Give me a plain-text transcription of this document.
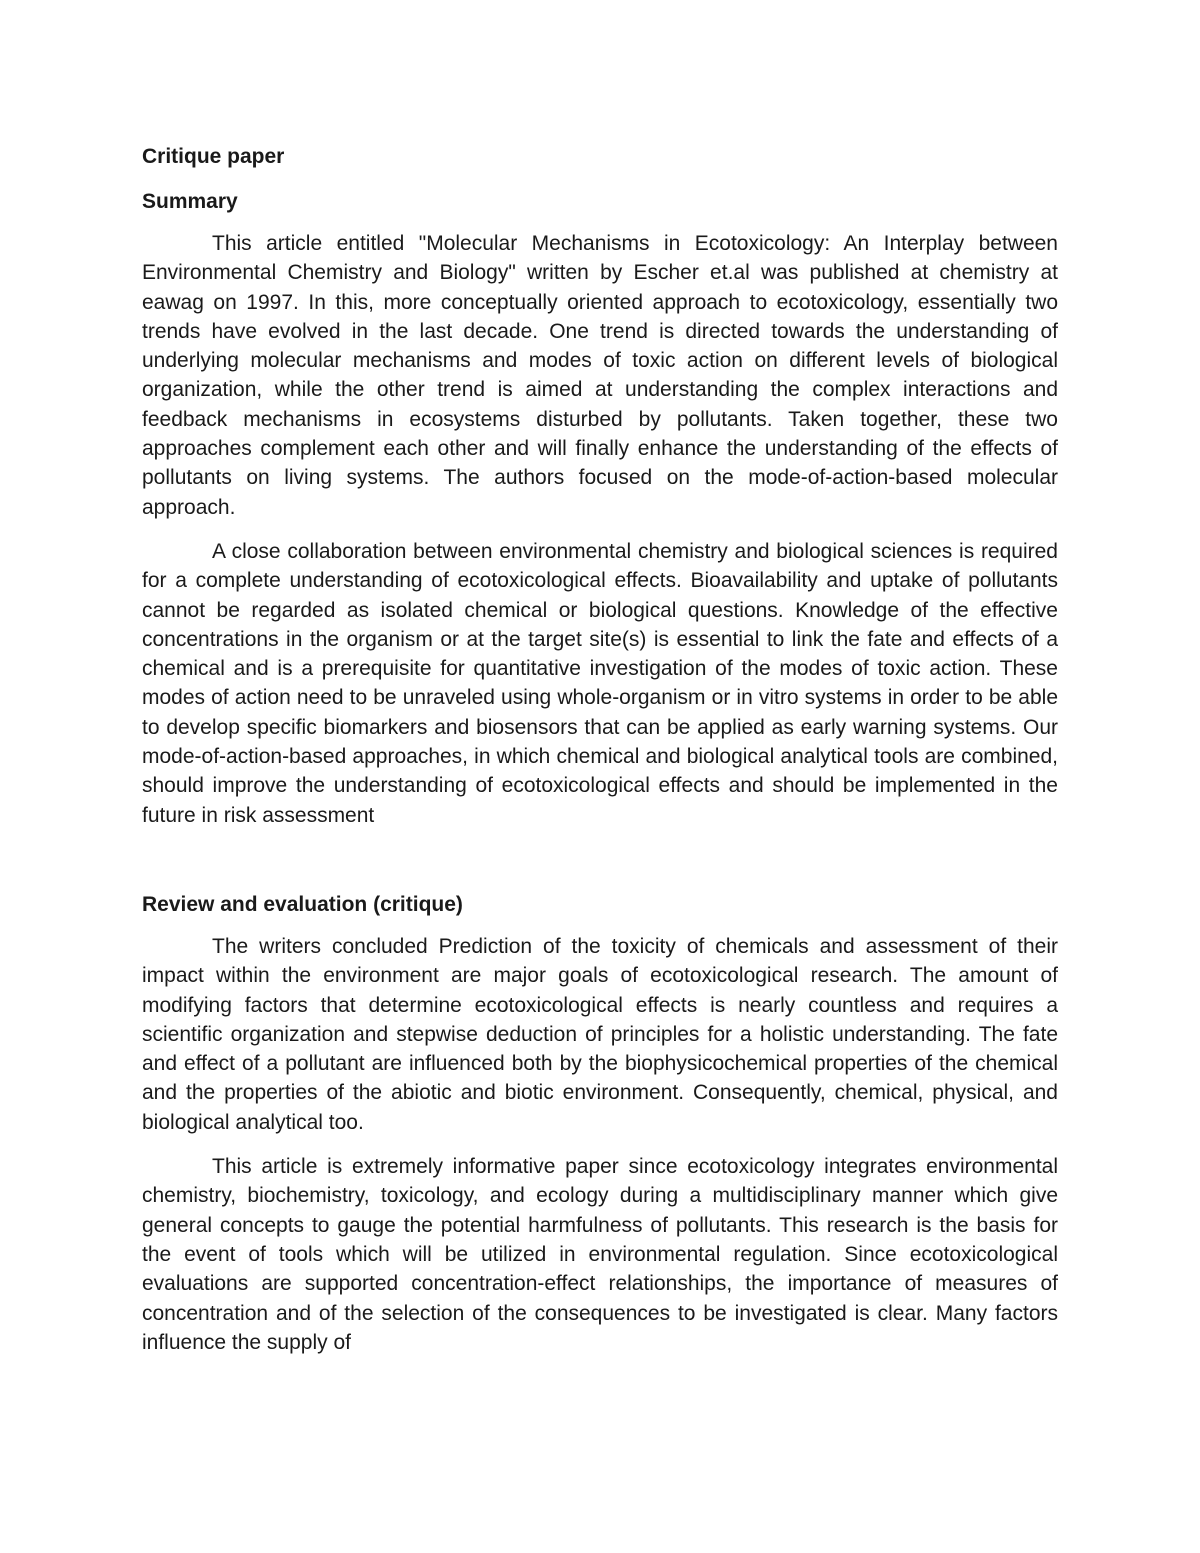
Critique paper
Summary

This article entitled "Molecular Mechanisms in Ecotoxicology: An Interplay between Environmental Chemistry and Biology" written by Escher et.al was published at chemistry at eawag on 1997. In this, more conceptually oriented approach to ecotoxicology, essentially two trends have evolved in the last decade. One trend is directed towards the understanding of underlying molecular mechanisms and modes of toxic action on different levels of biological organization, while the other trend is aimed at understanding the complex interactions and feedback mechanisms in ecosystems disturbed by pollutants. Taken together, these two approaches complement each other and will finally enhance the understanding of the effects of pollutants on living systems. The authors focused on the mode-of-action-based molecular approach.

A close collaboration between environmental chemistry and biological sciences is required for a complete understanding of ecotoxicological effects. Bioavailability and uptake of pollutants cannot be regarded as isolated chemical or biological questions. Knowledge of the effective concentrations in the organism or at the target site(s) is essential to link the fate and effects of a chemical and is a prerequisite for quantitative investigation of the modes of toxic action. These modes of action need to be unraveled using whole-organism or in vitro systems in order to be able to develop specific biomarkers and biosensors that can be applied as early warning systems. Our mode-of-action-based approaches, in which chemical and biological analytical tools are combined, should improve the understanding of ecotoxicological effects and should be implemented in the future in risk assessment

Review and evaluation (critique)

The writers concluded Prediction of the toxicity of chemicals and assessment of their impact within the environment are major goals of ecotoxicological research. The amount of modifying factors that determine ecotoxicological effects is nearly countless and requires a scientific organization and stepwise deduction of principles for a holistic understanding. The fate and effect of a pollutant are influenced both by the biophysicochemical properties of the chemical and the properties of the abiotic and biotic environment. Consequently, chemical, physical, and biological analytical too.

This article is extremely informative paper since ecotoxicology integrates environmental chemistry, biochemistry, toxicology, and ecology during a multidisciplinary manner which give general concepts to gauge the potential harmfulness of pollutants. This research is the basis for the event of tools which will be utilized in environmental regulation. Since ecotoxicological evaluations are supported concentration-effect relationships, the importance of measures of concentration and of the selection of the consequences to be investigated is clear. Many factors influence the supply of
